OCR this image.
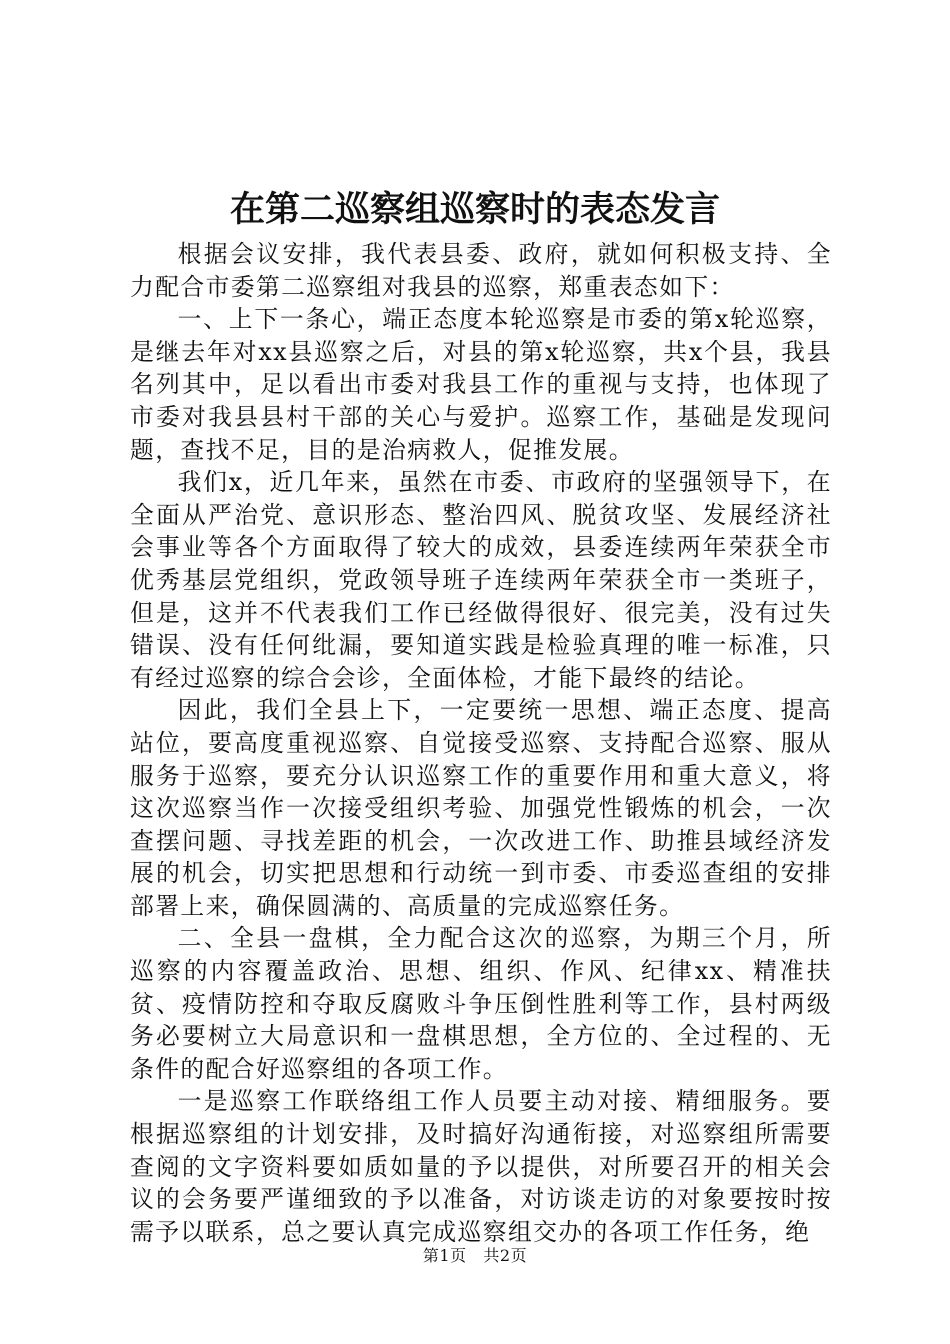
在第二巡察组巡察时的表态发言

根据会议安排，我代表县委、政府，就如何积极支持、全力配合市委第二巡察组对我县的巡察，郑重表态如下：

一、上下一条心，端正态度本轮巡察是市委的第x轮巡察，是继去年对xx县巡察之后，对县的第x轮巡察，共x个县，我县名列其中，足以看出市委对我县工作的重视与支持，也体现了市委对我县县村干部的关心与爱护。巡察工作，基础是发现问题，查找不足，目的是治病救人，促推发展。

我们x，近几年来，虽然在市委、市政府的坚强领导下，在全面从严治党、意识形态、整治四风、脱贫攻坚、发展经济社会事业等各个方面取得了较大的成效，县委连续两年荣获全市优秀基层党组织，党政领导班子连续两年荣获全市一类班子，但是，这并不代表我们工作已经做得很好、很完美，没有过失错误、没有任何纰漏，要知道实践是检验真理的唯一标准，只有经过巡察的综合会诊，全面体检，才能下最终的结论。

因此，我们全县上下，一定要统一思想、端正态度、提高站位，要高度重视巡察、自觉接受巡察、支持配合巡察、服从服务于巡察，要充分认识巡察工作的重要作用和重大意义，将这次巡察当作一次接受组织考验、加强党性锻炼的机会，一次查摆问题、寻找差距的机会，一次改进工作、助推县域经济发展的机会，切实把思想和行动统一到市委、市委巡查组的安排部署上来，确保圆满的、高质量的完成巡察任务。

二、全县一盘棋，全力配合这次的巡察，为期三个月，所巡察的内容覆盖政治、思想、组织、作风、纪律xx、精准扶贫、疫情防控和夺取反腐败斗争压倒性胜利等工作，县村两级务必要树立大局意识和一盘棋思想，全方位的、全过程的、无条件的配合好巡察组的各项工作。

一是巡察工作联络组工作人员要主动对接、精细服务。要根据巡察组的计划安排，及时搞好沟通衔接，对巡察组所需要查阅的文字资料要如质如量的予以提供，对所要召开的相关会议的会务要严谨细致的予以准备，对访谈走访的对象要按时按需予以联系，总之要认真完成巡察组交办的各项工作任务，绝

第1页 共2页
